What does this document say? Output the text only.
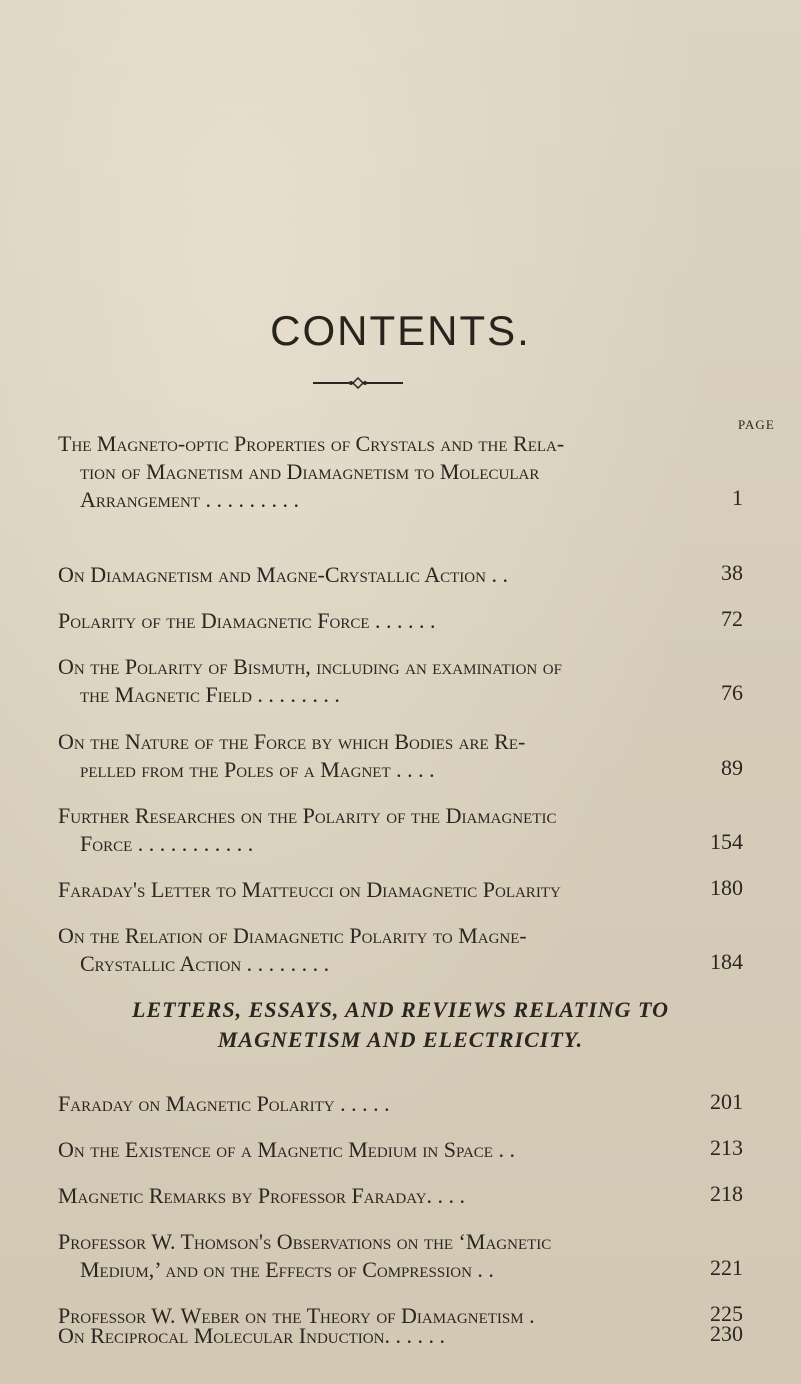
CONTENTS.
PAGE
The Magneto-optic Properties of Crystals and the Rela-
tion of Magnetism and Diamagnetism to Molecular
Arrangement . . . . . . . . .	1
On Diamagnetism and Magne-Crystallic Action . .	38
Polarity of the Diamagnetic Force . . . . . .	72
On the Polarity of Bismuth, including an examination of
the Magnetic Field . . . . . . . .	76
On the Nature of the Force by which Bodies are Re-
pelled from the Poles of a Magnet . . . .	89
Further Researches on the Polarity of the Diamagnetic
Force . . . . . . . . . . .	154
Faraday's Letter to Matteucci on Diamagnetic Polarity	180
On the Relation of Diamagnetic Polarity to Magne-
Crystallic Action . . . . . . . .	184
LETTERS, ESSAYS, AND REVIEWS RELATING TO
MAGNETISM AND ELECTRICITY.
Faraday on Magnetic Polarity . . . . .	201
On the Existence of a Magnetic Medium in Space . .	213
Magnetic Remarks by Professor Faraday. . . .	218
Professor W. Thomson's Observations on the ‘Magnetic
Medium,’ and on the Effects of Compression . .	221
Professor W. Weber on the Theory of Diamagnetism .	225
On Reciprocal Molecular Induction. . . . . .	230
